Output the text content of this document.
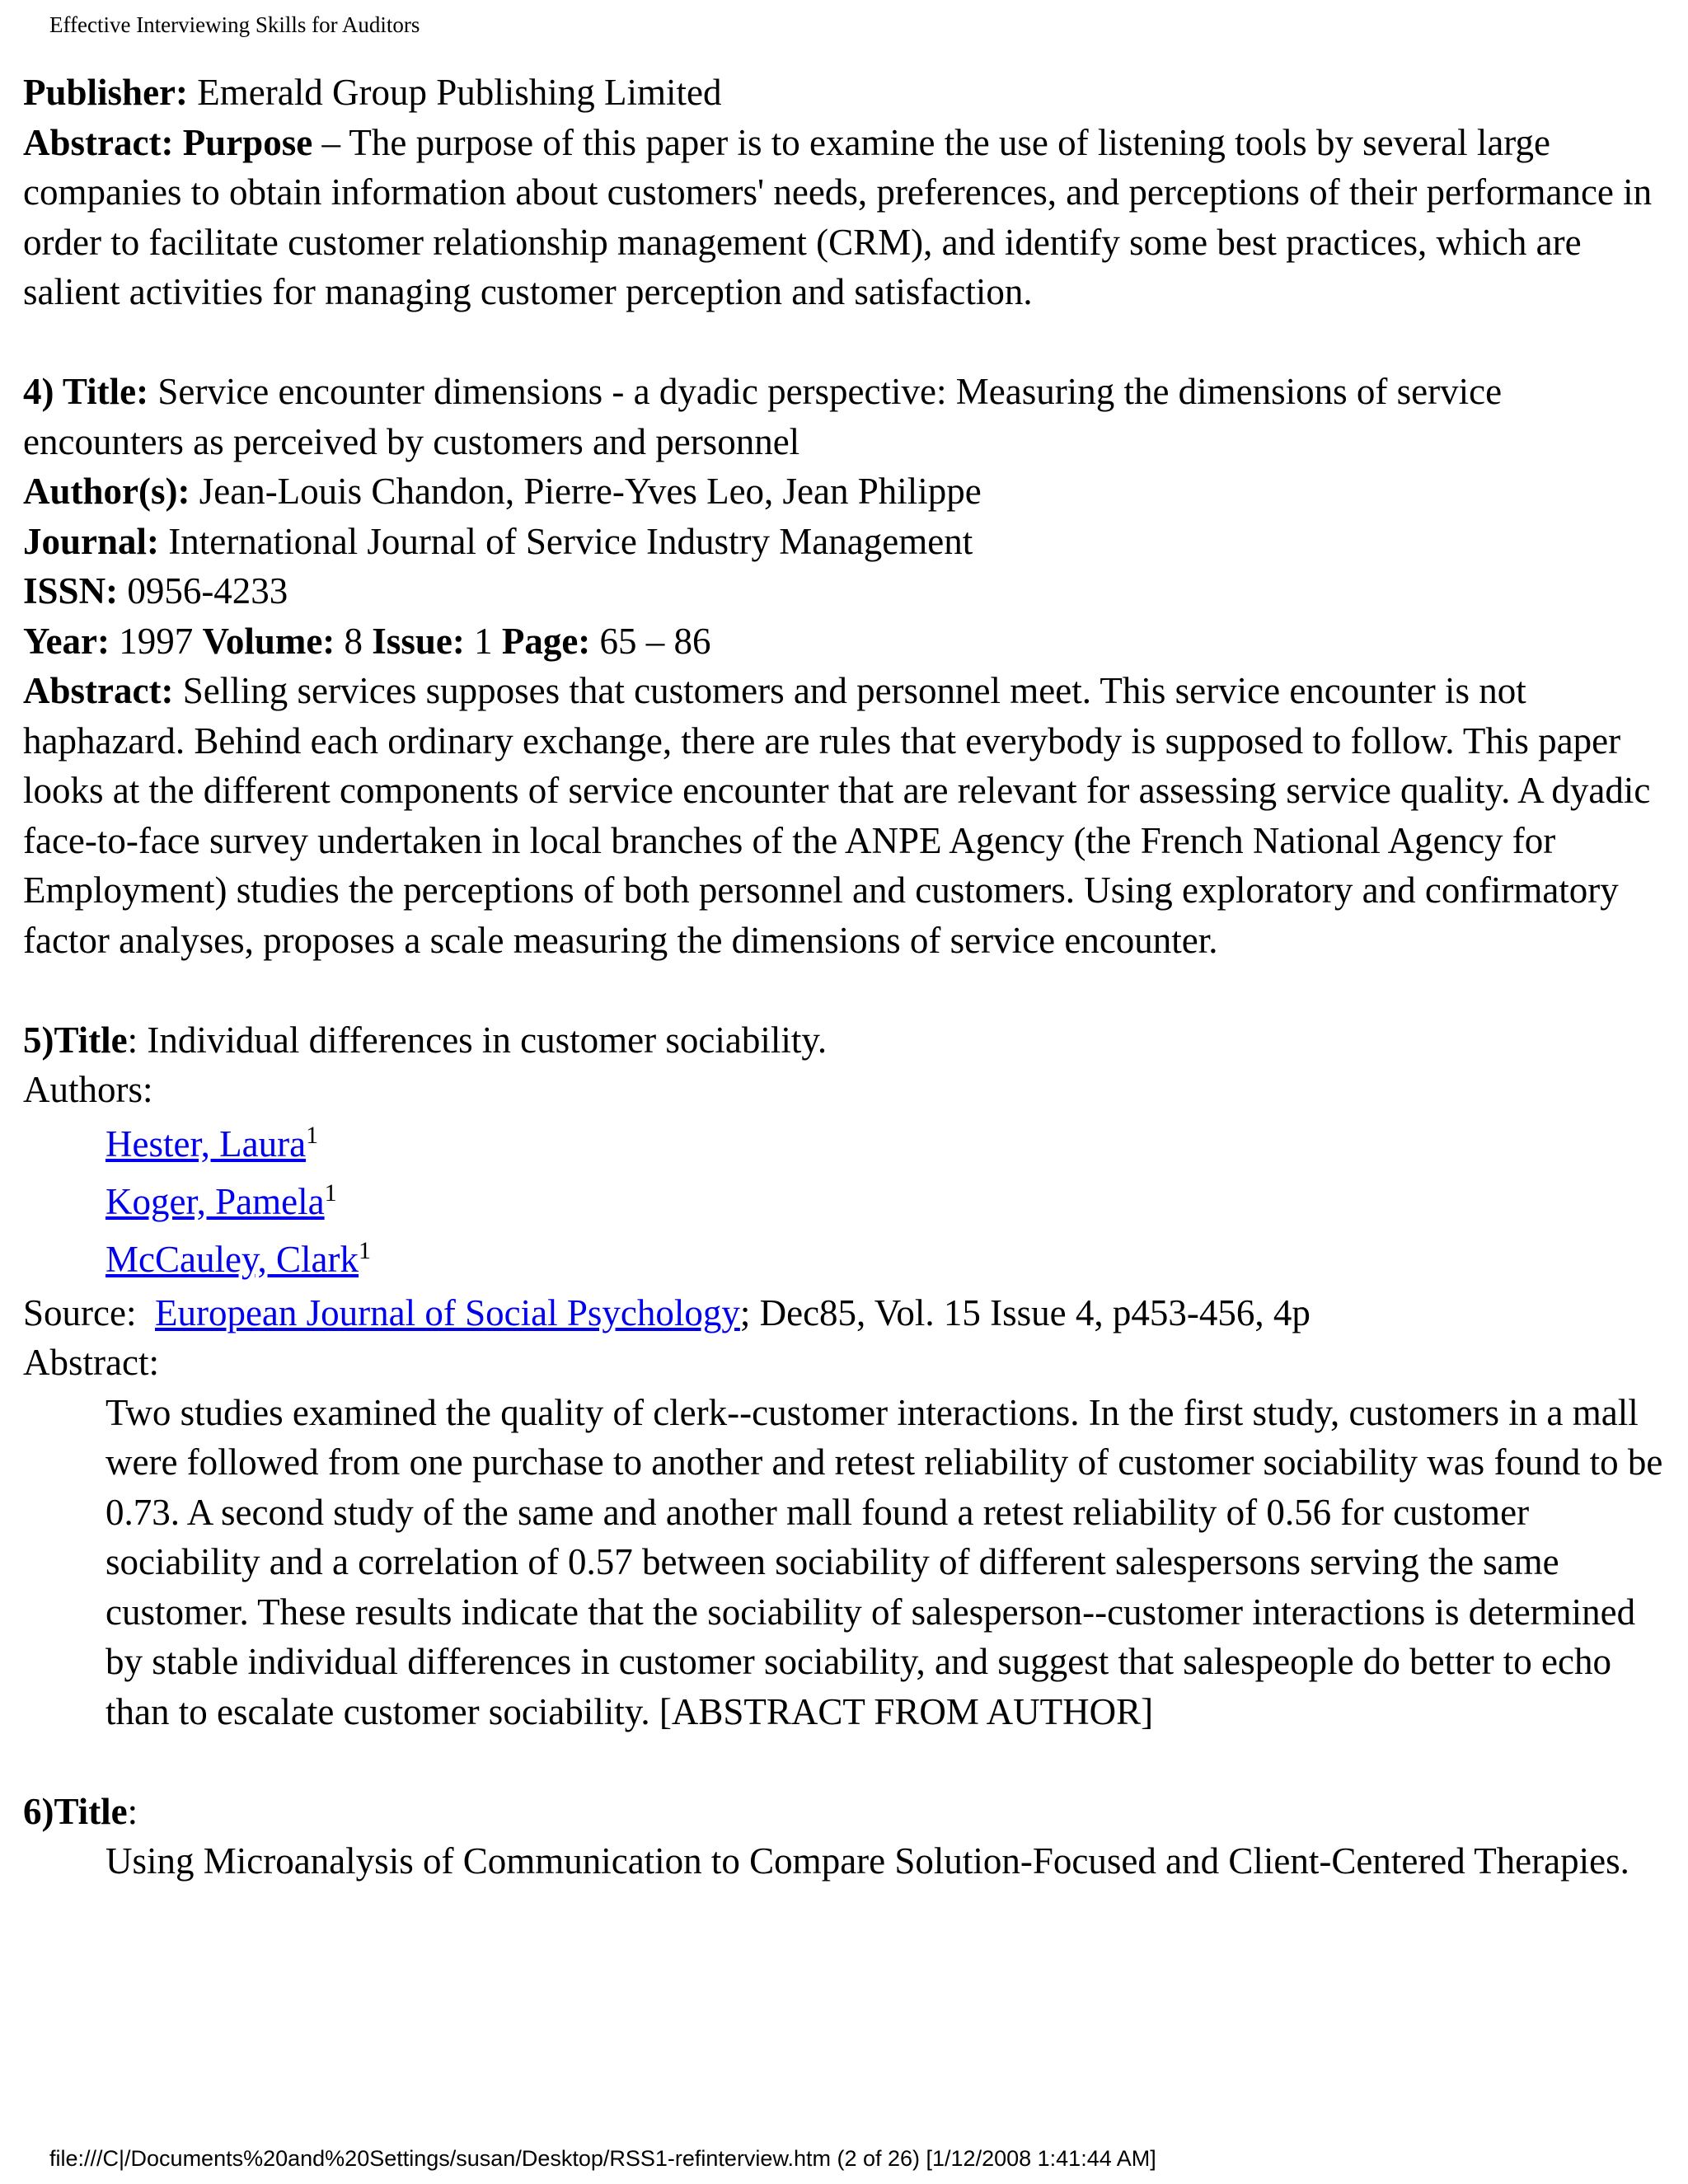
Effective Interviewing Skills for Auditors
Publisher: Emerald Group Publishing Limited
Abstract: Purpose – The purpose of this paper is to examine the use of listening tools by several large companies to obtain information about customers' needs, preferences, and perceptions of their performance in order to facilitate customer relationship management (CRM), and identify some best practices, which are salient activities for managing customer perception and satisfaction.
4) Title: Service encounter dimensions - a dyadic perspective: Measuring the dimensions of service encounters as perceived by customers and personnel
Author(s): Jean-Louis Chandon, Pierre-Yves Leo, Jean Philippe
Journal: International Journal of Service Industry Management
ISSN: 0956-4233
Year: 1997 Volume: 8 Issue: 1 Page: 65 – 86
Abstract: Selling services supposes that customers and personnel meet. This service encounter is not haphazard. Behind each ordinary exchange, there are rules that everybody is supposed to follow. This paper looks at the different components of service encounter that are relevant for assessing service quality. A dyadic face-to-face survey undertaken in local branches of the ANPE Agency (the French National Agency for Employment) studies the perceptions of both personnel and customers. Using exploratory and confirmatory factor analyses, proposes a scale measuring the dimensions of service encounter.
5)Title: Individual differences in customer sociability.
Authors:
Hester, Laura$^1$
Koger, Pamela$^1$
McCauley, Clark$^1$
Source: European Journal of Social Psychology; Dec85, Vol. 15 Issue 4, p453-456, 4p
Abstract:
Two studies examined the quality of clerk--customer interactions. In the first study, customers in a mall were followed from one purchase to another and retest reliability of customer sociability was found to be 0.73. A second study of the same and another mall found a retest reliability of 0.56 for customer sociability and a correlation of 0.57 between sociability of different salespersons serving the same customer. These results indicate that the sociability of salesperson--customer interactions is determined by stable individual differences in customer sociability, and suggest that salespeople do better to echo than to escalate customer sociability. [ABSTRACT FROM AUTHOR]
6)Title:
Using Microanalysis of Communication to Compare Solution-Focused and Client-Centered Therapies.
file:///C|/Documents%20and%20Settings/susan/Desktop/RSS1-refinterview.htm (2 of 26) [1/12/2008 1:41:44 AM]
